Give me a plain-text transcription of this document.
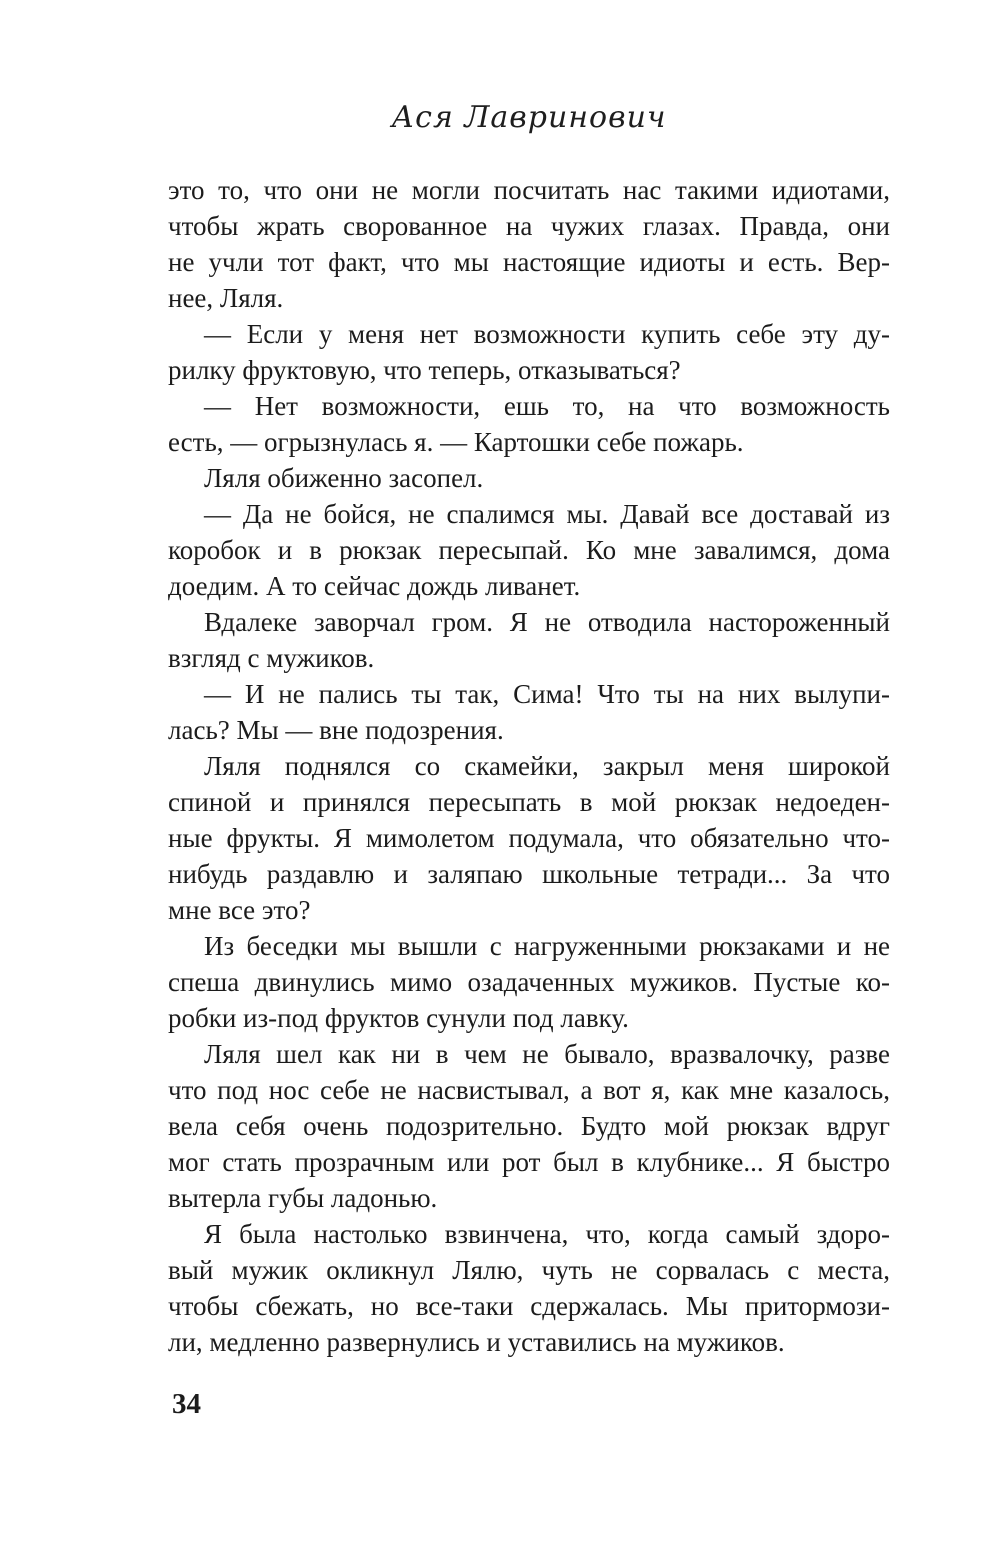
Ася Лавринович
это то, что они не могли посчитать нас такими идиотами,
чтобы жрать сворованное на чужих глазах. Правда, они
не учли тот факт, что мы настоящие идиоты и есть. Вер-
нее, Ляля.
— Если у меня нет возможности купить себе эту ду-
рилку фруктовую, что теперь, отказываться?
— Нет возможности, ешь то, на что возможность
есть, — огрызнулась я. — Картошки себе пожарь.
Ляля обиженно засопел.
— Да не бойся, не спалимся мы. Давай все доставай из
коробок и в рюкзак пересыпай. Ко мне завалимся, дома
доедим. А то сейчас дождь ливанет.
Вдалеке заворчал гром. Я не отводила настороженный
взгляд с мужиков.
— И не пались ты так, Сима! Что ты на них вылупи-
лась? Мы — вне подозрения.
Ляля поднялся со скамейки, закрыл меня широкой
спиной и принялся пересыпать в мой рюкзак недоеден-
ные фрукты. Я мимолетом подумала, что обязательно что-
нибудь раздавлю и заляпаю школьные тетради... За что
мне все это?
Из беседки мы вышли с нагруженными рюкзаками и не
спеша двинулись мимо озадаченных мужиков. Пустые ко-
робки из-под фруктов сунули под лавку.
Ляля шел как ни в чем не бывало, вразвалочку, разве
что под нос себе не насвистывал, а вот я, как мне казалось,
вела себя очень подозрительно. Будто мой рюкзак вдруг
мог стать прозрачным или рот был в клубнике... Я быстро
вытерла губы ладонью.
Я была настолько взвинчена, что, когда самый здоро-
вый мужик окликнул Лялю, чуть не сорвалась с места,
чтобы сбежать, но все-таки сдержалась. Мы притормози-
ли, медленно развернулись и уставились на мужиков.
34
